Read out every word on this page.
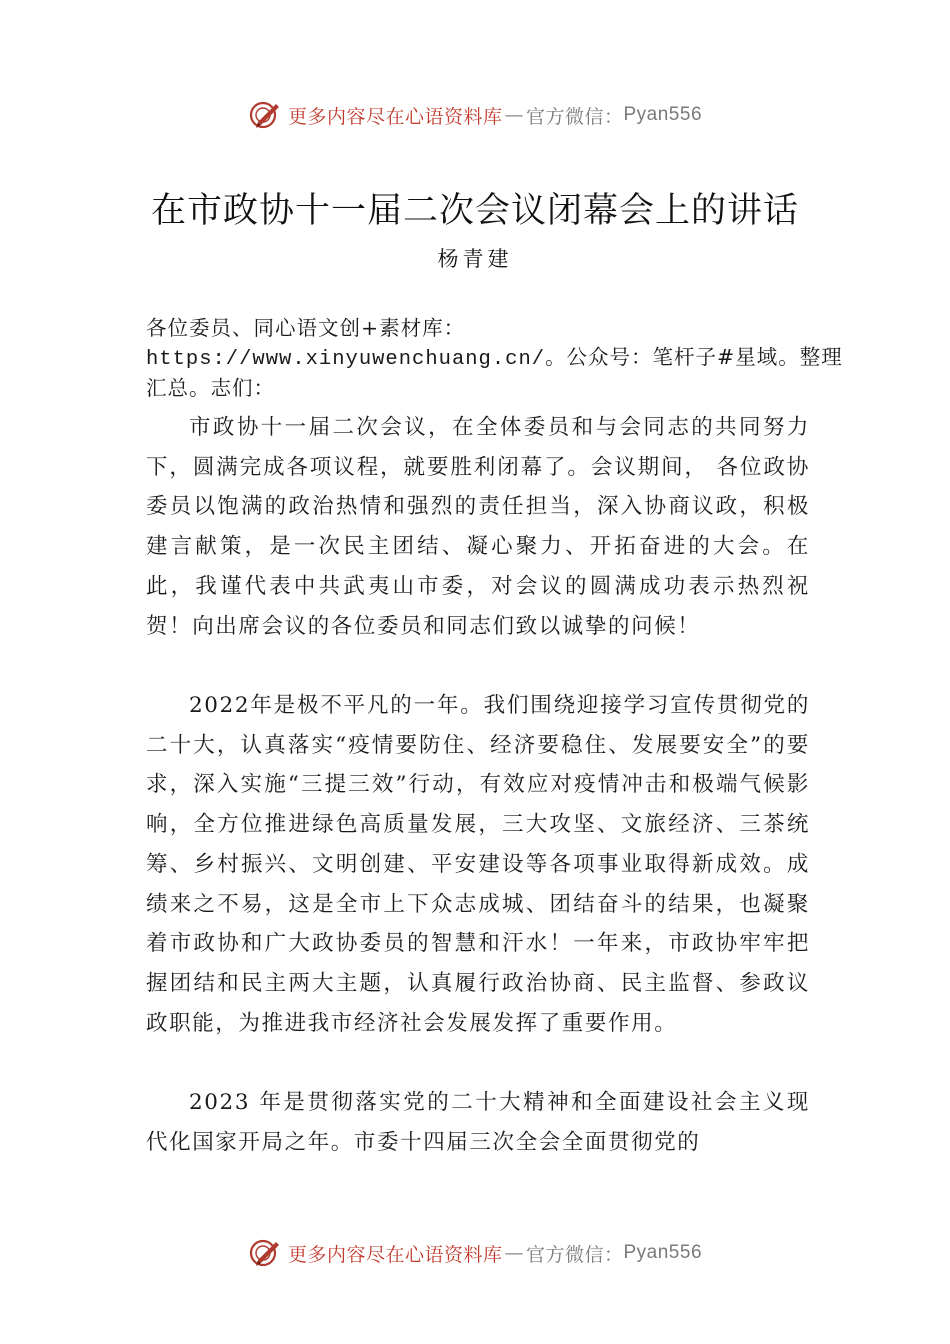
更多内容尽在心语资料库 — 官方微信： Pyan556
在市政协十一届二次会议闭幕会上的讲话
杨青建
各位委员、同心语文创+素材库：https://www.xinyuwenchuang.cn/。公众号：笔杆子#星域。整理汇总。志们：
市政协十一届二次会议，在全体委员和与会同志的共同努力下，圆满完成各项议程，就要胜利闭幕了。会议期间， 各位政协委员以饱满的政治热情和强烈的责任担当，深入协商议政，积极建言献策，是一次民主团结、凝心聚力、开拓奋进的大会。在此，我谨代表中共武夷山市委，对会议的圆满成功表示热烈祝贺！向出席会议的各位委员和同志们致以诚挚的问候！
2022年是极不平凡的一年。我们围绕迎接学习宣传贯彻党的二十大，认真落实“疫情要防住、经济要稳住、发展要安全”的要求，深入实施“三提三效”行动，有效应对疫情冲击和极端气候影响，全方位推进绿色高质量发展，三大攻坚、文旅经济、三茶统筹、乡村振兴、文明创建、平安建设等各项事业取得新成效。成绩来之不易，这是全市上下众志成城、团结奋斗的结果，也凝聚着市政协和广大政协委员的智慧和汗水！一年来，市政协牢牢把握团结和民主两大主题，认真履行政治协商、民主监督、参政议政职能，为推进我市经济社会发展发挥了重要作用。
2023 年是贯彻落实党的二十大精神和全面建设社会主义现代化国家开局之年。市委十四届三次全会全面贯彻党的
更多内容尽在心语资料库 — 官方微信： Pyan556
